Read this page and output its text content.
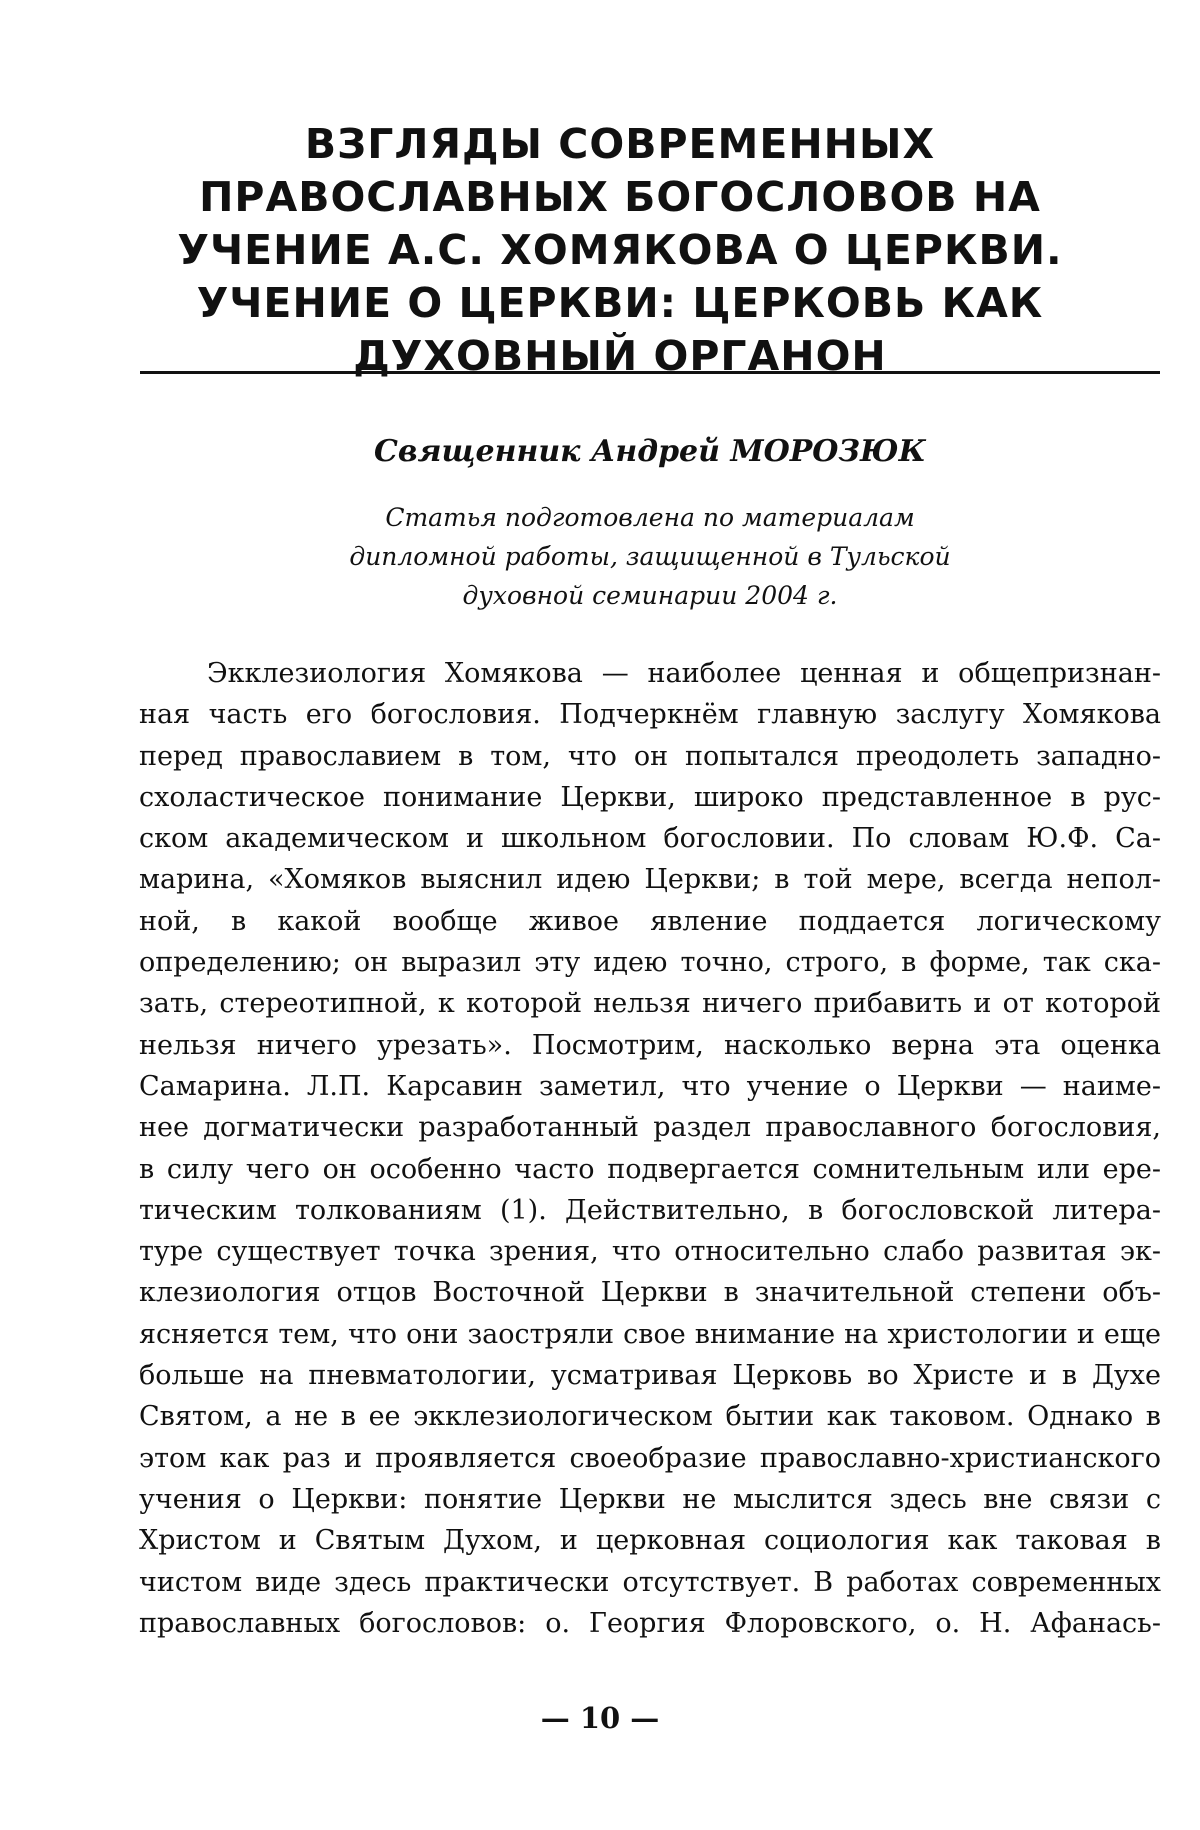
ВЗГЛЯДЫ СОВРЕМЕННЫХ
ПРАВОСЛАВНЫХ БОГОСЛОВОВ НА
УЧЕНИЕ А.С. ХОМЯКОВА О ЦЕРКВИ.
УЧЕНИЕ О ЦЕРКВИ: ЦЕРКОВЬ КАК
ДУХОВНЫЙ ОРГАНОН
Священник Андрей МОРОЗЮК
Статья подготовлена по материалам
дипломной работы, защищенной в Тульской
духовной семинарии 2004 г.
Экклезиология Хомякова — наиболее ценная и общепризнан-
ная часть его богословия. Подчеркнём главную заслугу Хомякова
перед православием в том, что он попытался преодолеть западно-
схоластическое понимание Церкви, широко представленное в рус-
ском академическом и школьном богословии. По словам Ю.Ф. Са-
марина, «Хомяков выяснил идею Церкви; в той мере, всегда непол-
ной, в какой вообще живое явление поддается логическому
определению; он выразил эту идею точно, строго, в форме, так ска-
зать, стереотипной, к которой нельзя ничего прибавить и от которой
нельзя ничего урезать». Посмотрим, насколько верна эта оценка
Самарина. Л.П. Карсавин заметил, что учение о Церкви — наиме-
нее догматически разработанный раздел православного богословия,
в силу чего он особенно часто подвергается сомнительным или ере-
тическим толкованиям (1). Действительно, в богословской литера-
туре существует точка зрения, что относительно слабо развитая эк-
клезиология отцов Восточной Церкви в значительной степени объ-
ясняется тем, что они заостряли свое внимание на христологии и еще
больше на пневматологии, усматривая Церковь во Христе и в Духе
Святом, а не в ее экклезиологическом бытии как таковом. Однако в
этом как раз и проявляется своеобразие православно-христианского
учения о Церкви: понятие Церкви не мыслится здесь вне связи с
Христом и Святым Духом, и церковная социология как таковая в
чистом виде здесь практически отсутствует. В работах современных
православных богословов: о. Георгия Флоровского, о. Н. Афанась-
— 10 —
